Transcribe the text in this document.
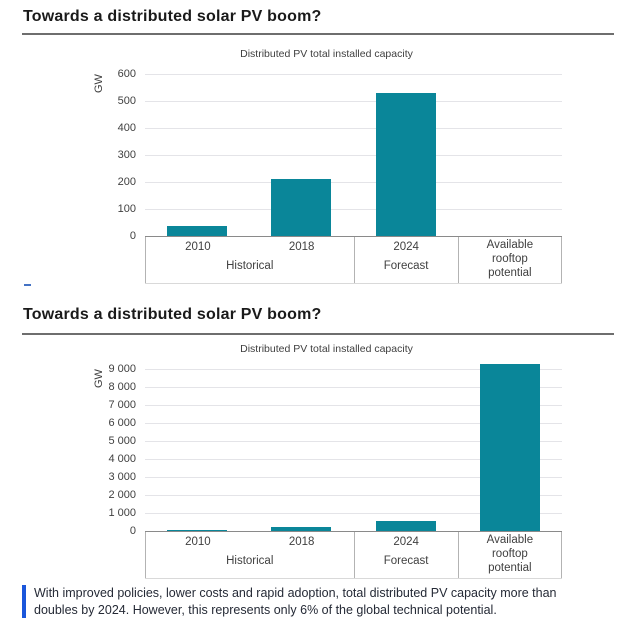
Towards a distributed solar PV boom?
Distributed PV total installed capacity
GW
0
100
200
300
400
500
600
2010	2018
Historical
2024
Forecast
Available rooftop potential
Towards a distributed solar PV boom?
Distributed PV total installed capacity
GW
0
1 000
2 000
3 000
4 000
5 000
6 000
7 000
8 000
9 000
2010	2018
Historical
2024
Forecast
Available rooftop potential
With improved policies, lower costs and rapid adoption, total distributed PV capacity more than doubles by 2024. However, this represents only 6% of the global technical potential.
